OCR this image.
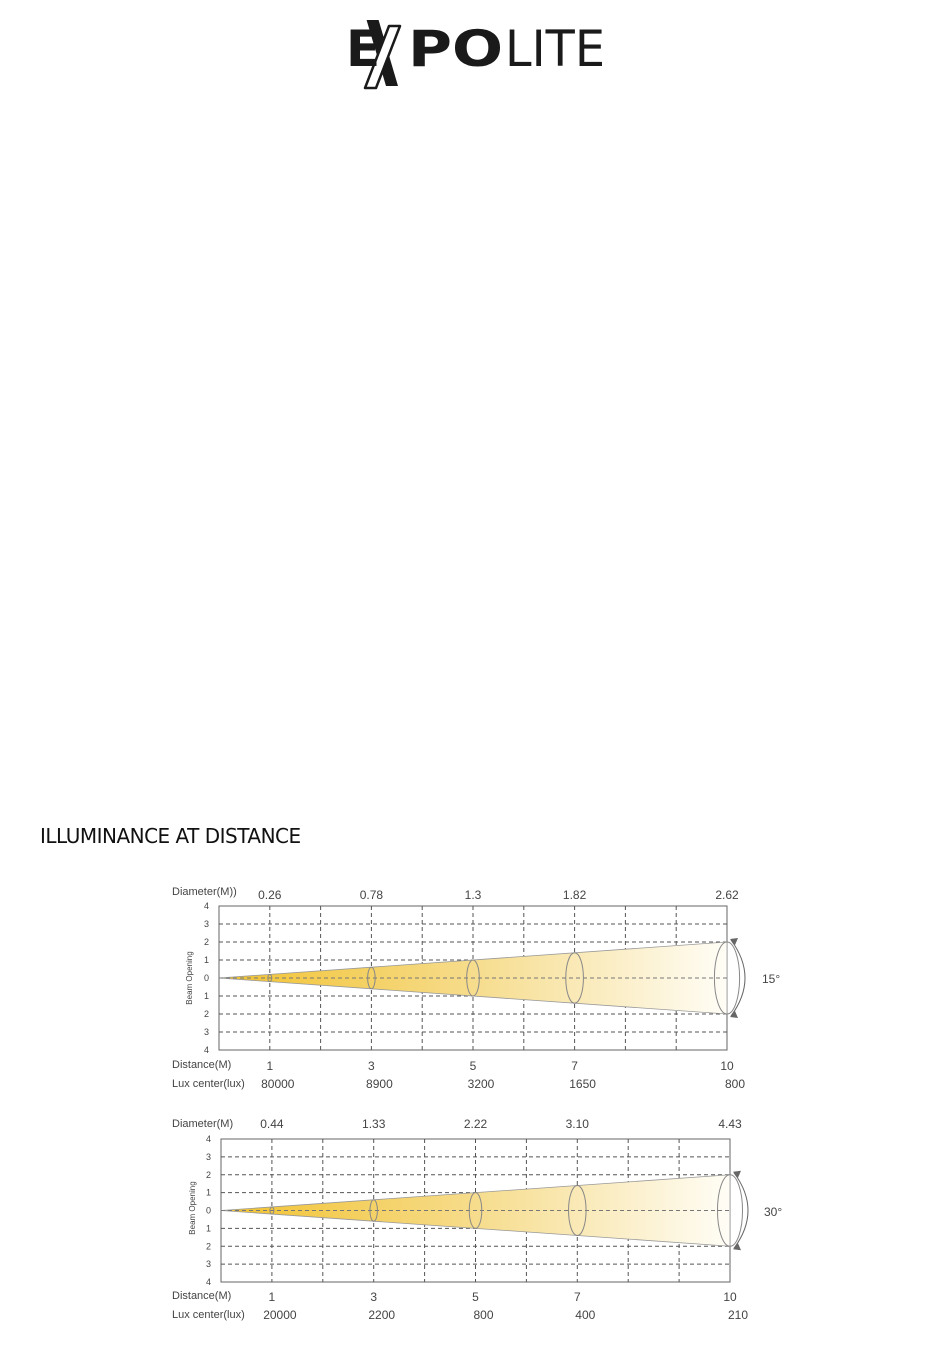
E PO LITE
ILLUMINANCE AT DISTANCE
Diameter(M))
Distance(M)
Lux center(lux)
Beam Opening	15°
4
3
2
1
0
1
2
3
4
0.26
1
80000
0.78
3
8900
1.3
5
3200
1.82
7
1650
2.62
10
800
Diameter(M)
Distance(M)
Lux center(lux)
Beam Opening	30°
4
3
2
1
0
1
2
3
4
0.44
1
20000
1.33
3
2200
2.22
5
800
3.10
7
400
4.43
10
210
